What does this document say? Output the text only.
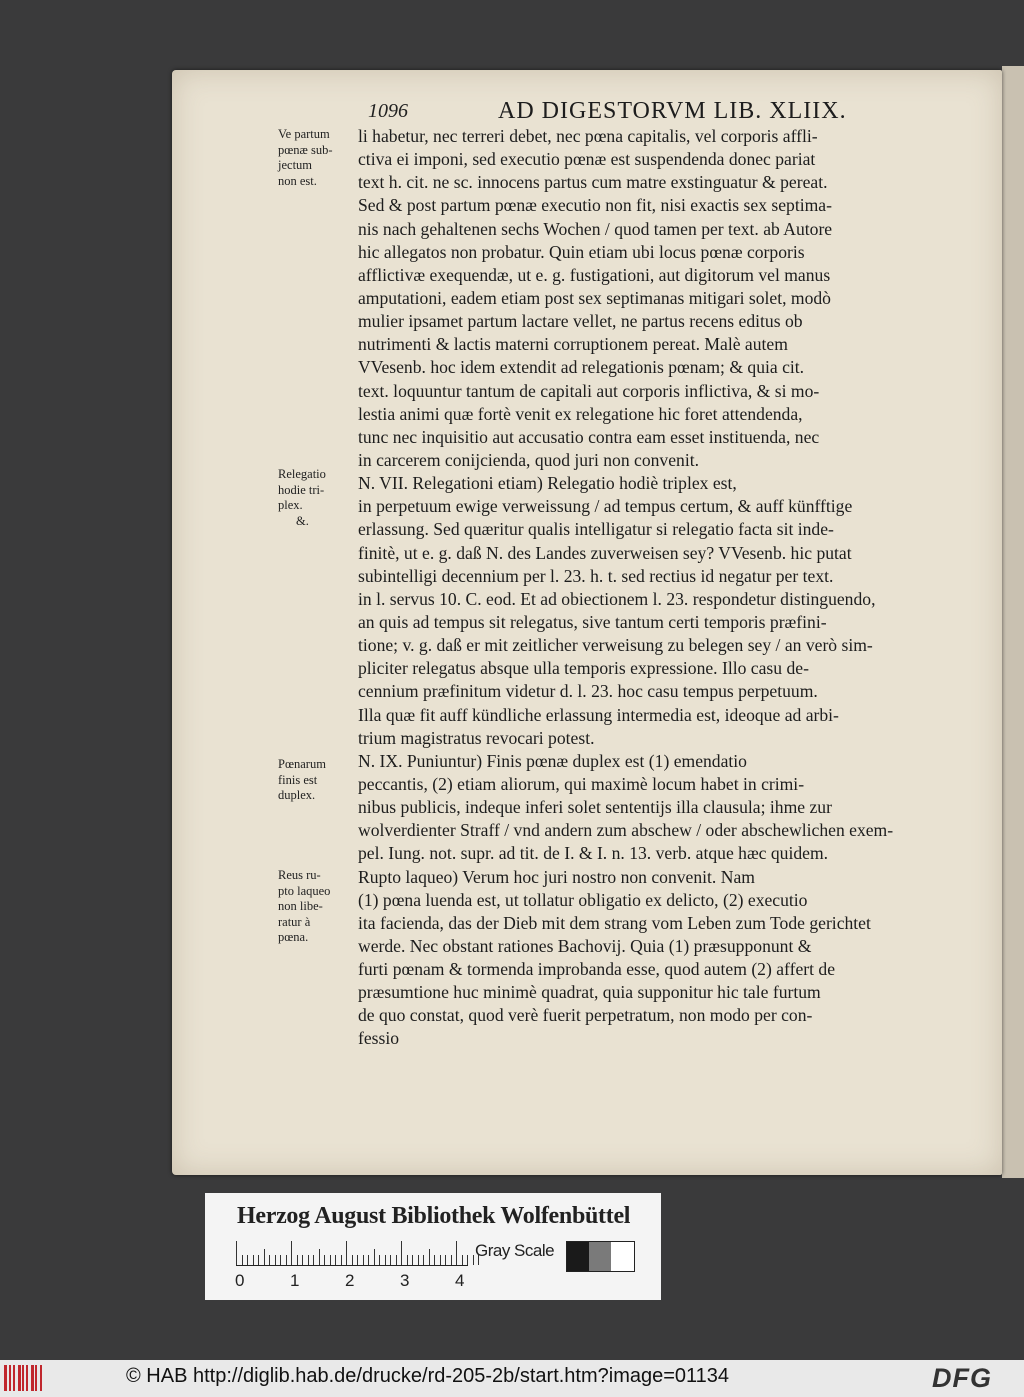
1096	AD DIGESTORVM LIB. XLIIX.
Ve partum
pœnæ sub-
jectum
non est.
Relegatio
hodie tri-
plex.
&.
Pœnarum
finis est
duplex.
Reus ru-
pto laqueo
non libe-
ratur à
pœna.
li habetur, nec terreri debet, nec pœna capitalis, vel corporis affli-
ctiva ei imponi, sed executio pœnæ est suspendenda donec pariat
text h. cit. ne sc. innocens partus cum matre exstinguatur & pereat.
Sed & post partum pœnæ executio non fit, nisi exactis sex septima-
nis nach gehaltenen sechs Wochen / quod tamen per text. ab Autore
hic allegatos non probatur. Quin etiam ubi locus pœnæ corporis
afflictivæ exequendæ, ut e. g. fustigationi, aut digitorum vel manus
amputationi, eadem etiam post sex septimanas mitigari solet, modò
mulier ipsamet partum lactare vellet, ne partus recens editus ob
nutrimenti & lactis materni corruptionem pereat. Malè autem
VVesenb. hoc idem extendit ad relegationis pœnam; & quia cit.
text. loquuntur tantum de capitali aut corporis inflictiva, & si mo-
lestia animi quæ fortè venit ex relegatione hic foret attendenda,
tunc nec inquisitio aut accusatio contra eam esset instituenda, nec
in carcerem conijcienda, quod juri non convenit.
N. VII. Relegationi etiam) Relegatio hodiè triplex est,
in perpetuum ewige verweissung / ad tempus certum, & auff künfftige
erlassung. Sed quæritur qualis intelligatur si relegatio facta sit inde-
finitè, ut e. g. daß N. des Landes zuverweisen sey? VVesenb. hic putat
subintelligi decennium per l. 23. h. t. sed rectius id negatur per text.
in l. servus 10. C. eod. Et ad obiectionem l. 23. respondetur distinguendo,
an quis ad tempus sit relegatus, sive tantum certi temporis præfini-
tione; v. g. daß er mit zeitlicher verweisung zu belegen sey / an verò sim-
pliciter relegatus absque ulla temporis expressione. Illo casu de-
cennium præfinitum videtur d. l. 23. hoc casu tempus perpetuum.
Illa quæ fit auff kündliche erlassung intermedia est, ideoque ad arbi-
trium magistratus revocari potest.
N. IX. Puniuntur) Finis pœnæ duplex est (1) emendatio
peccantis, (2) etiam aliorum, qui maximè locum habet in crimi-
nibus publicis, indeque inferi solet sententijs illa clausula; ihme zur
wolverdienter Straff / vnd andern zum abschew / oder abschewlichen exem-
pel. Iung. not. supr. ad tit. de I. & I. n. 13. verb. atque hæc quidem.
Rupto laqueo) Verum hoc juri nostro non convenit. Nam
(1) pœna luenda est, ut tollatur obligatio ex delicto, (2) executio
ita facienda, das der Dieb mit dem strang vom Leben zum Tode gerichtet
werde. Nec obstant rationes Bachovij. Quia (1) præsupponunt &
furti pœnam & tormenda improbanda esse, quod autem (2) affert de
præsumtione huc minimè quadrat, quia supponitur hic tale furtum
de quo constat, quod verè fuerit perpetratum, non modo per con-
fessio
Herzog August Bibliothek Wolfenbüttel
0	1	2	3	4
Gray Scale
© HAB http://diglib.hab.de/drucke/rd-205-2b/start.htm?image=01134	DFG
